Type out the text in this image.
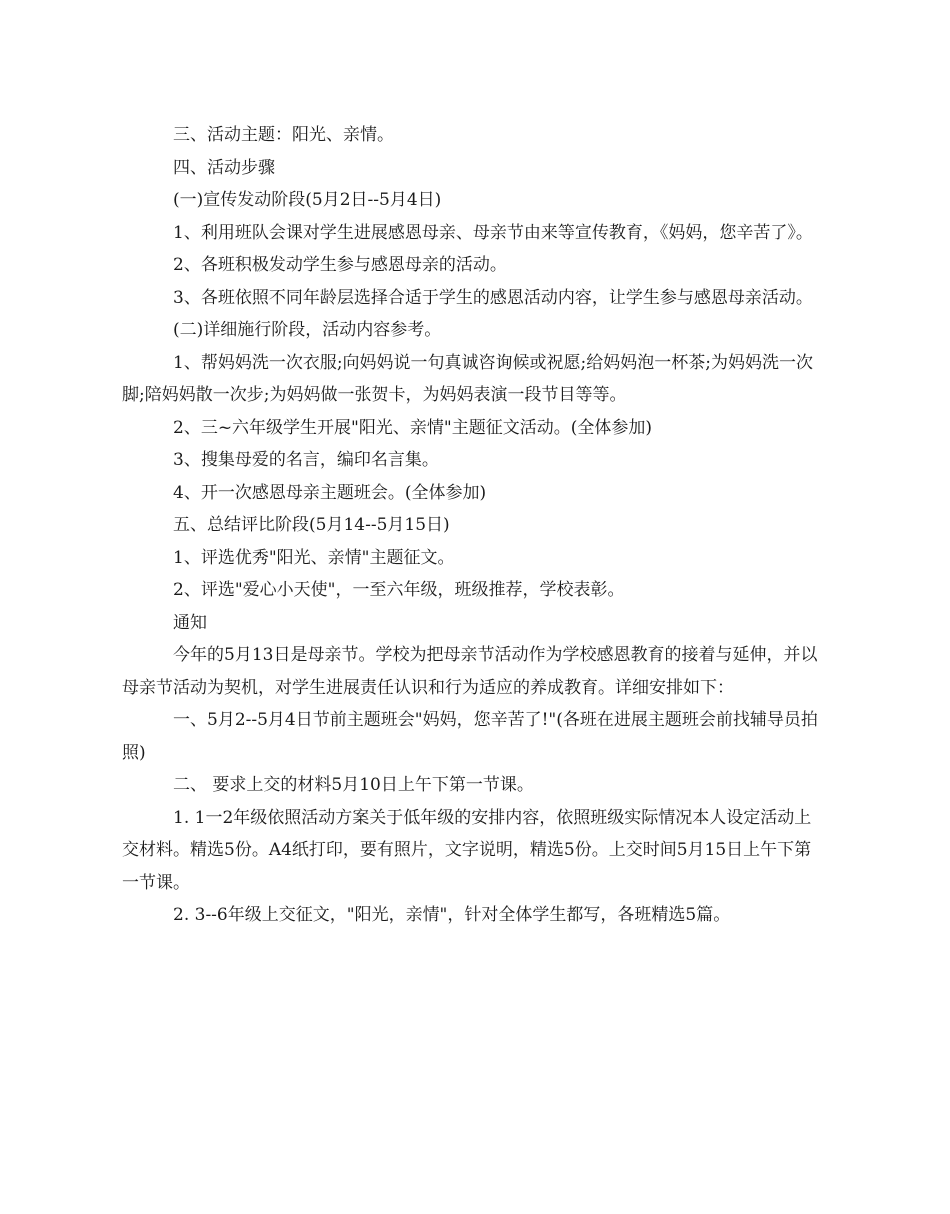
三、活动主题：阳光、亲情。

四、活动步骤

(一)宣传发动阶段(5月2日--5月4日)

1、利用班队会课对学生进展感恩母亲、母亲节由来等宣传教育，《妈妈，您辛苦了》。

2、各班积极发动学生参与感恩母亲的活动。

3、各班依照不同年龄层选择合适于学生的感恩活动内容，让学生参与感恩母亲活动。

(二)详细施行阶段，活动内容参考。

1、帮妈妈洗一次衣服;向妈妈说一句真诚咨询候或祝愿;给妈妈泡一杯茶;为妈妈洗一次脚;陪妈妈散一次步;为妈妈做一张贺卡，为妈妈表演一段节目等等。

2、三~六年级学生开展"阳光、亲情"主题征文活动。(全体参加)

3、搜集母爱的名言，编印名言集。

4、开一次感恩母亲主题班会。(全体参加)

五、总结评比阶段(5月14--5月15日)

1、评选优秀"阳光、亲情"主题征文。

2、评选"爱心小天使"，一至六年级，班级推荐，学校表彰。

通知

今年的5月13日是母亲节。学校为把母亲节活动作为学校感恩教育的接着与延伸，并以母亲节活动为契机，对学生进展责任认识和行为适应的养成教育。详细安排如下：

一、5月2--5月4日节前主题班会"妈妈，您辛苦了!"(各班在进展主题班会前找辅导员拍照)

二、 要求上交的材料5月10日上午下第一节课。

1. 1一2年级依照活动方案关于低年级的安排内容，依照班级实际情况本人设定活动上交材料。精选5份。A4纸打印，要有照片，文字说明，精选5份。上交时间5月15日上午下第一节课。

2. 3--6年级上交征文，"阳光，亲情"，针对全体学生都写，各班精选5篇。
